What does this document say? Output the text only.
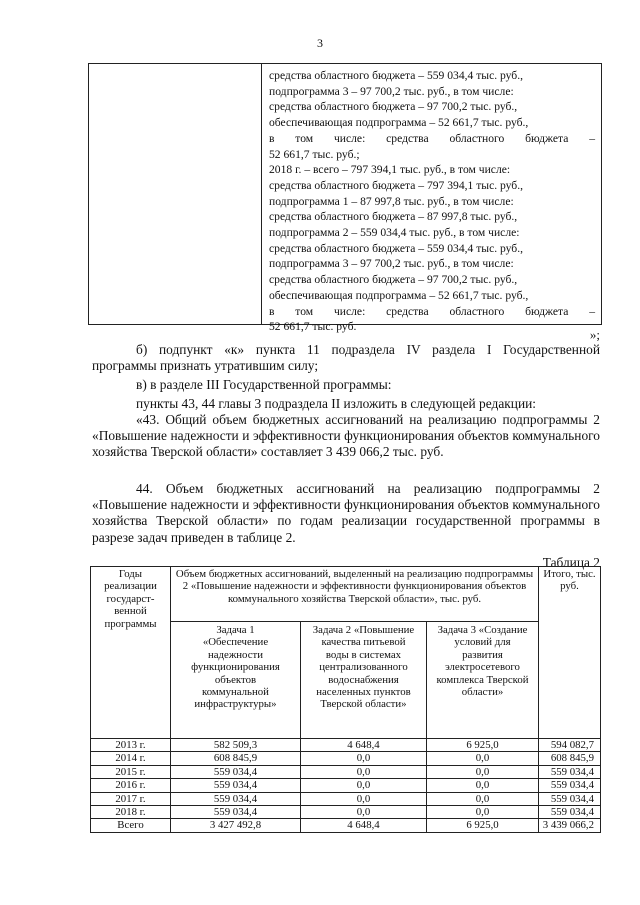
3
средства областного бюджета – 559 034,4 тыс. руб.,
подпрограмма 3 – 97 700,2 тыс. руб., в том числе:
средства областного бюджета – 97 700,2 тыс. руб.,
обеспечивающая подпрограмма – 52 661,7 тыс. руб.,
в том числе: средства областного бюджета –
52 661,7 тыс. руб.;
2018 г. – всего – 797 394,1 тыс. руб., в том числе:
средства областного бюджета – 797 394,1 тыс. руб.,
подпрограмма 1 – 87 997,8 тыс. руб., в том числе:
средства областного бюджета – 87 997,8 тыс. руб.,
подпрограмма 2 – 559 034,4 тыс. руб., в том числе:
средства областного бюджета – 559 034,4 тыс. руб.,
подпрограмма 3 – 97 700,2 тыс. руб., в том числе:
средства областного бюджета – 97 700,2 тыс. руб.,
обеспечивающая подпрограмма – 52 661,7 тыс. руб.,
в том числе: средства областного бюджета –
52 661,7 тыс. руб.
»;

б) подпункт «к» пункта 11 подраздела IV раздела I Государственной

программы признать утратившим силу;

в) в разделе III Государственной программы:
пункты 43, 44 главы 3 подраздела II изложить в следующей редакции:

«43. Общий объем бюджетных ассигнований на реализацию подпрограммы 2 «Повышение надежности и эффективности функционирования объектов коммунального хозяйства Тверской области» составляет 3 439 066,2 тыс. руб.

44. Объем бюджетных ассигнований на реализацию подпрограммы 2 «Повышение надежности и эффективности функционирования объектов коммунального хозяйства Тверской области» по годам реализации государственной программы в разрезе задач приведен в таблице 2.

Таблица 2
Годы реализации государст-венной программы	Объем бюджетных ассигнований, выделенный на реализацию подпрограммы 2 «Повышение надежности и эффективности функционирования объектов коммунального хозяйства Тверской области», тыс. руб.			Итого, тыс. руб.
	Задача 1 «Обеспечение надежности функционирования объектов коммунальной инфраструктуры»	Задача 2 «Повышение качества питьевой воды в системах централизованного водоснабжения населенных пунктов Тверской области»	Задача 3 «Создание условий для развития электросетевого комплекса Тверской области»	
2013 г.	582 509,3	4 648,4	6 925,0	594 082,7
2014 г.	608 845,9	0,0	0,0	608 845,9
2015 г.	559 034,4	0,0	0,0	559 034,4
2016 г.	559 034,4	0,0	0,0	559 034,4
2017 г.	559 034,4	0,0	0,0	559 034,4
2018 г.	559 034,4	0,0	0,0	559 034,4
Всего	3 427 492,8	4 648,4	6 925,0	3 439 066,2
